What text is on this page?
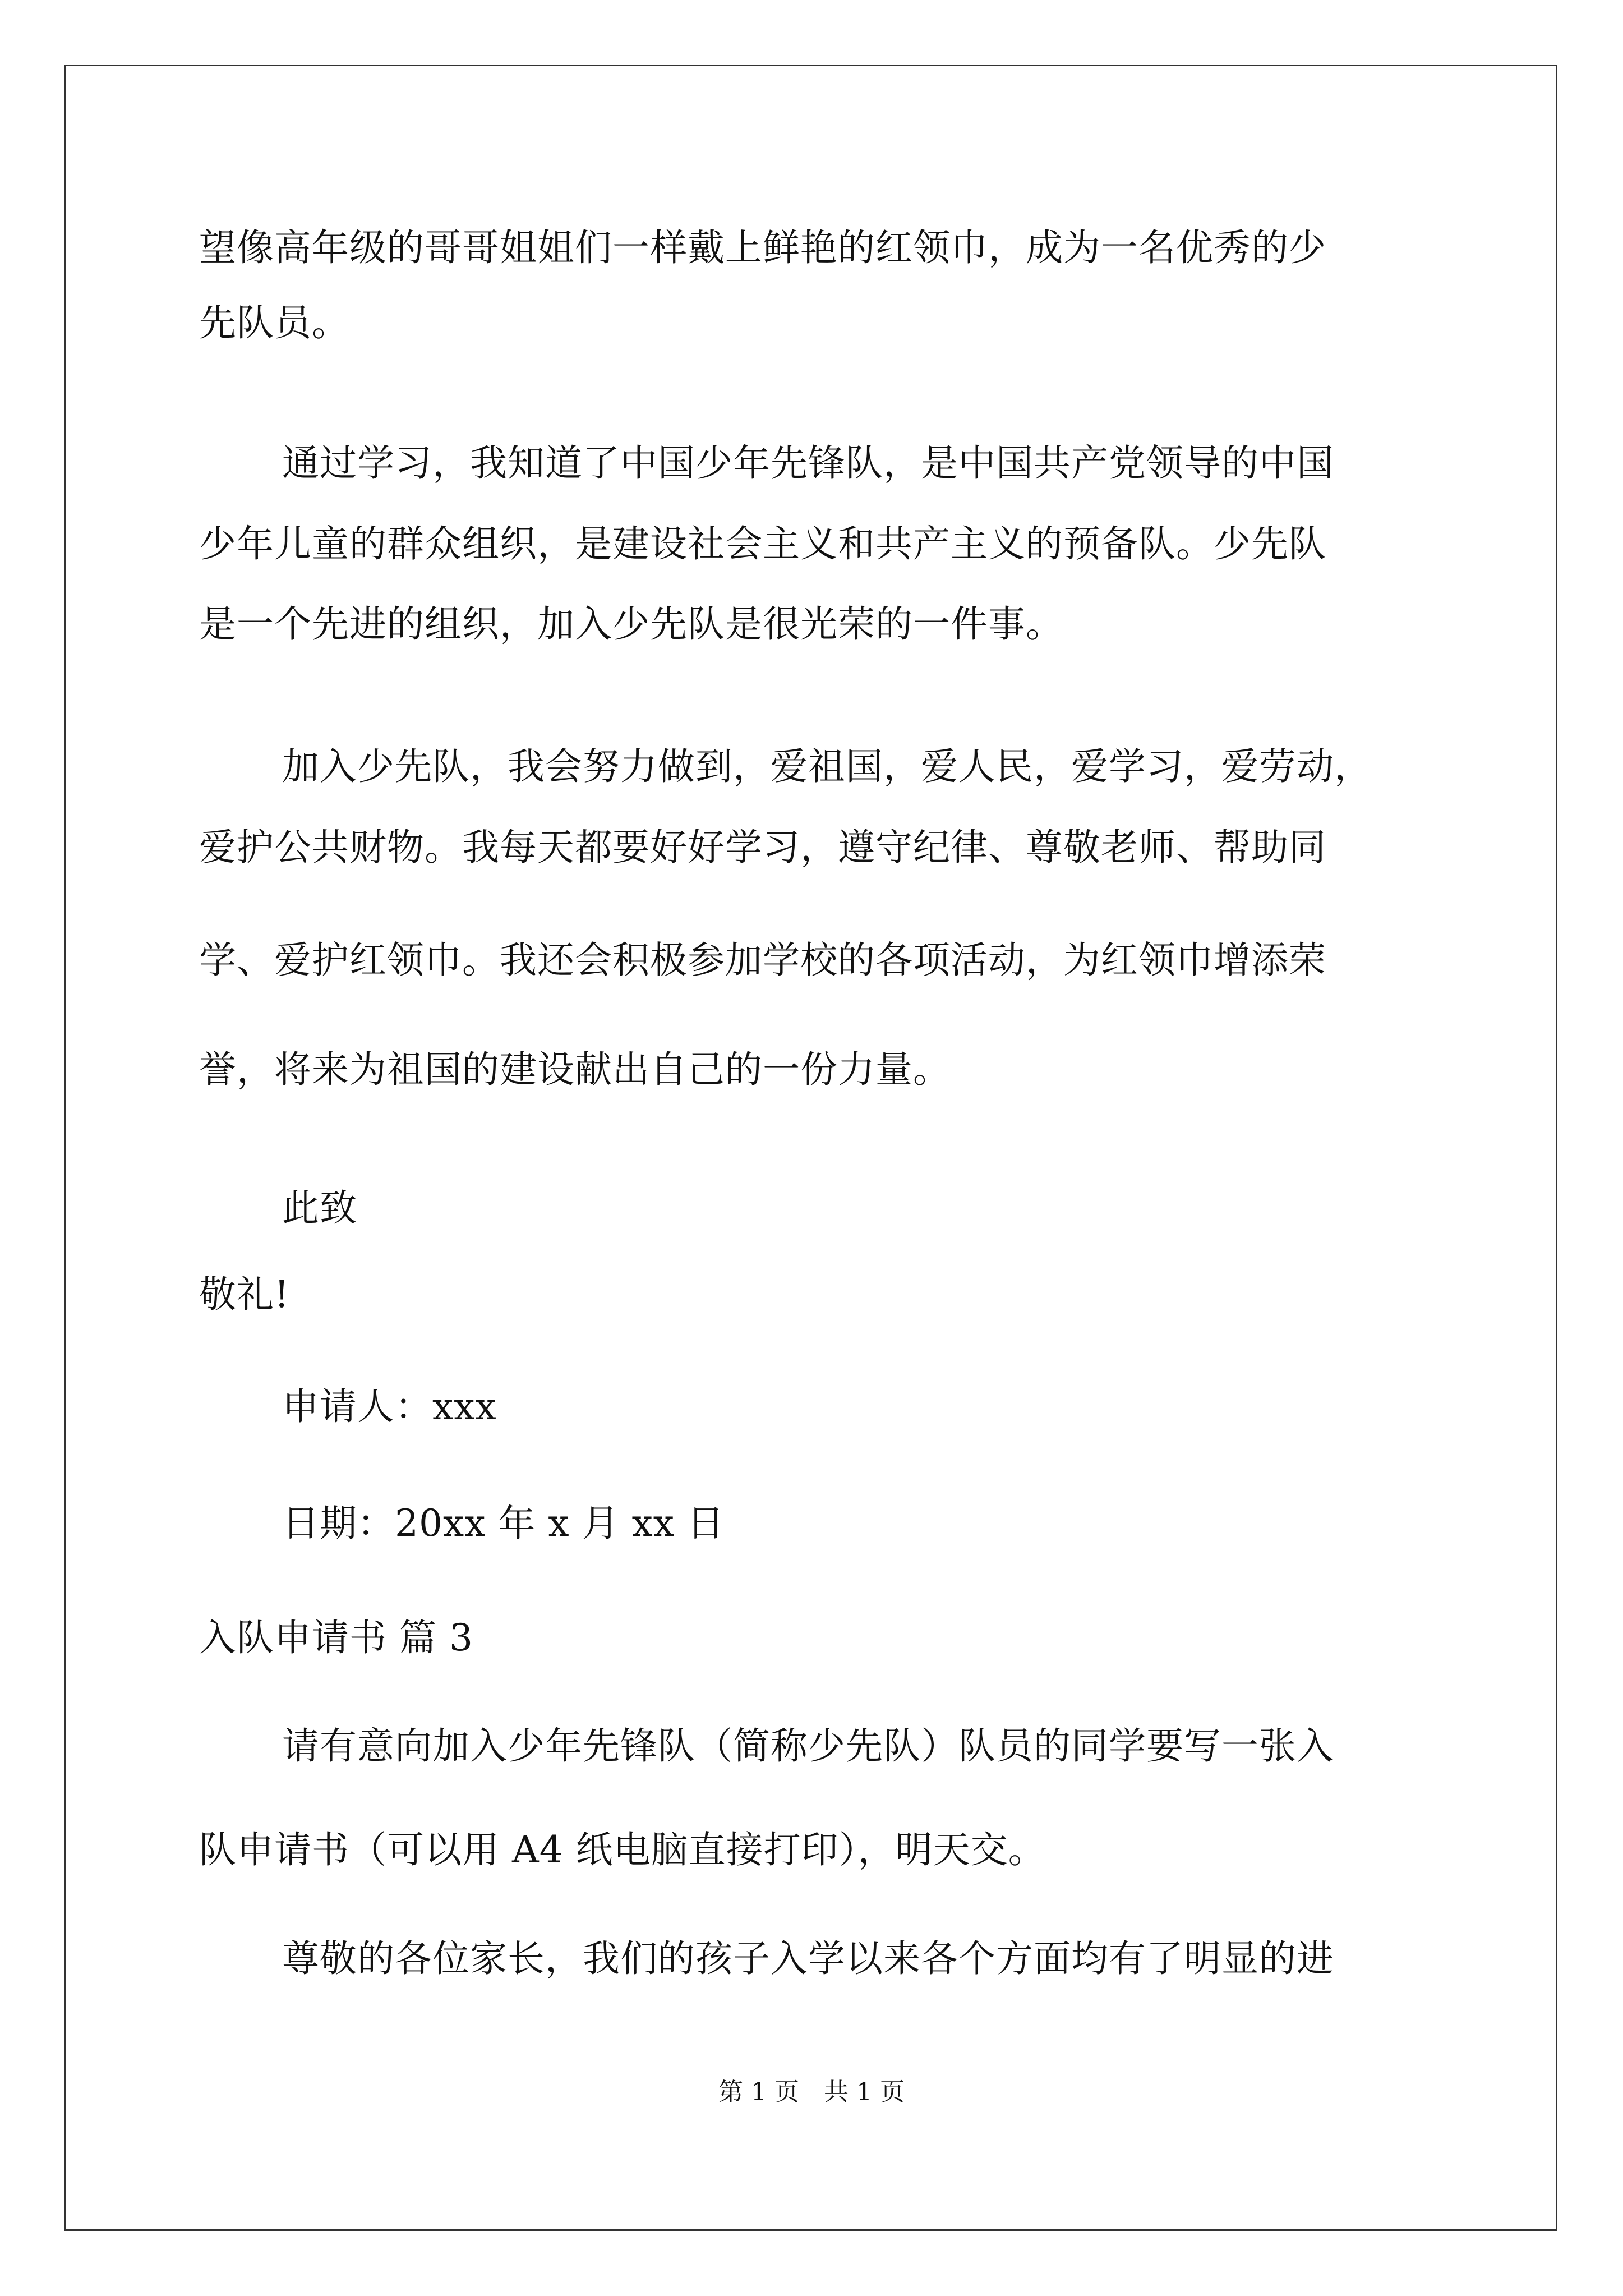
望像高年级的哥哥姐姐们一样戴上鲜艳的红领巾，成为一名优秀的少
先队员。
通过学习，我知道了中国少年先锋队，是中国共产党领导的中国
少年儿童的群众组织，是建设社会主义和共产主义的预备队。少先队
是一个先进的组织，加入少先队是很光荣的一件事。
加入少先队，我会努力做到，爱祖国，爱人民，爱学习，爱劳动，
爱护公共财物。我每天都要好好学习，遵守纪律、尊敬老师、帮助同
学、爱护红领巾。我还会积极参加学校的各项活动，为红领巾增添荣
誉，将来为祖国的建设献出自己的一份力量。
此致
敬礼!
申请人：xxx
日期：20xx 年 x 月 xx 日
入队申请书 篇 3
请有意向加入少年先锋队（简称少先队）队员的同学要写一张入
队申请书（可以用 A4 纸电脑直接打印），明天交。
尊敬的各位家长，我们的孩子入学以来各个方面均有了明显的进
第 1 页　共 1 页
